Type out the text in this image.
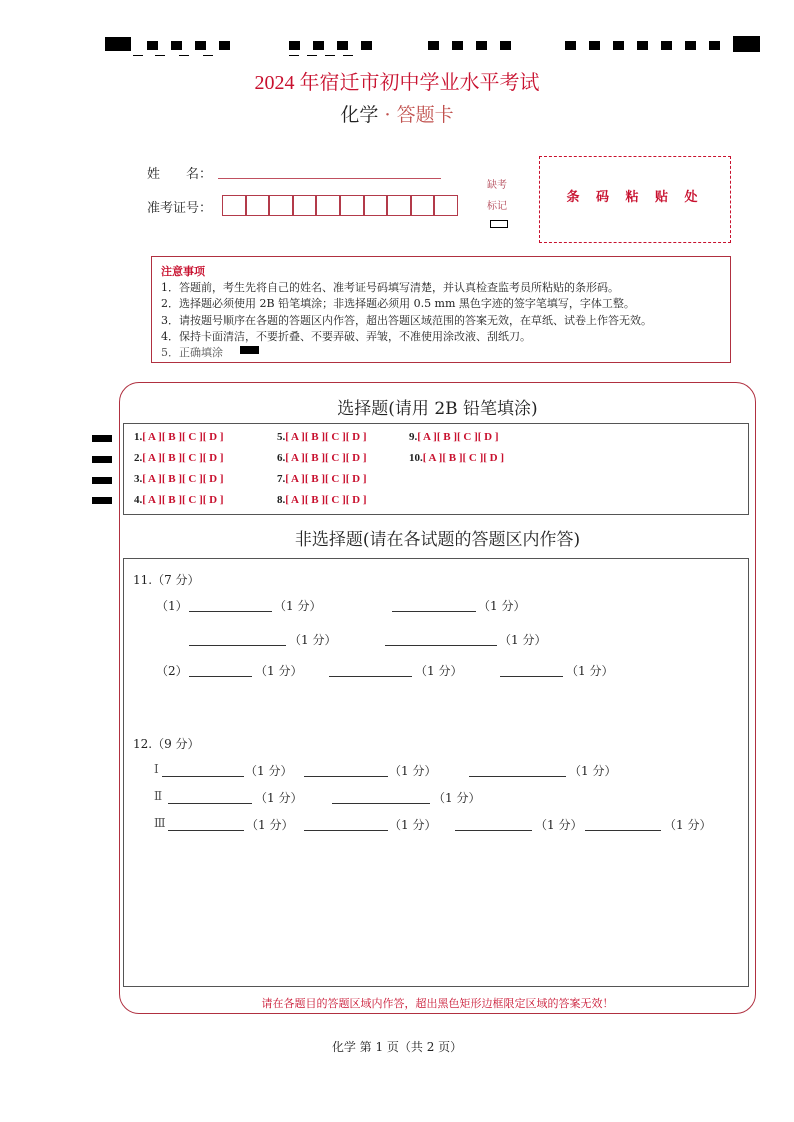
2024 年宿迁市初中学业水平考试
化学 · 答题卡
姓　　名：
准考证号：
缺考
标记
条 码 粘 贴 处
注意事项
1．答题前，考生先将自己的姓名、准考证号码填写清楚，并认真检查监考员所粘贴的条形码。
2．选择题必须使用 2B 铅笔填涂；非选择题必须用 0.5 mm 黑色字迹的签字笔填写，字体工整。
3．请按题号顺序在各题的答题区内作答，超出答题区域范围的答案无效，在草纸、试卷上作答无效。
4．保持卡面清洁，不要折叠、不要弄破、弄皱，不准使用涂改液、刮纸刀。
5．正确填涂
选择题(请用 2B 铅笔填涂)
1.[ A ][ B ][ C ][ D ]
2.[ A ][ B ][ C ][ D ]
3.[ A ][ B ][ C ][ D ]
4.[ A ][ B ][ C ][ D ]
5.[ A ][ B ][ C ][ D ]
6.[ A ][ B ][ C ][ D ]
7.[ A ][ B ][ C ][ D ]
8.[ A ][ B ][ C ][ D ]
9.[ A ][ B ][ C ][ D ]
10.[ A ][ B ][ C ][ D ]
非选择题(请在各试题的答题区内作答)
11.（7 分）
（1）	（1 分）	（1 分）
（1 分）	（1 分）
（2）	（1 分）	（1 分）	（1 分）
12.（9 分）
Ⅰ	（1 分）	（1 分）	（1 分）
Ⅱ	（1 分）	（1 分）
Ⅲ	（1 分）	（1 分）	（1 分）	（1 分）
请在各题目的答题区域内作答，超出黑色矩形边框限定区域的答案无效！
化学 第 1 页（共 2 页）
